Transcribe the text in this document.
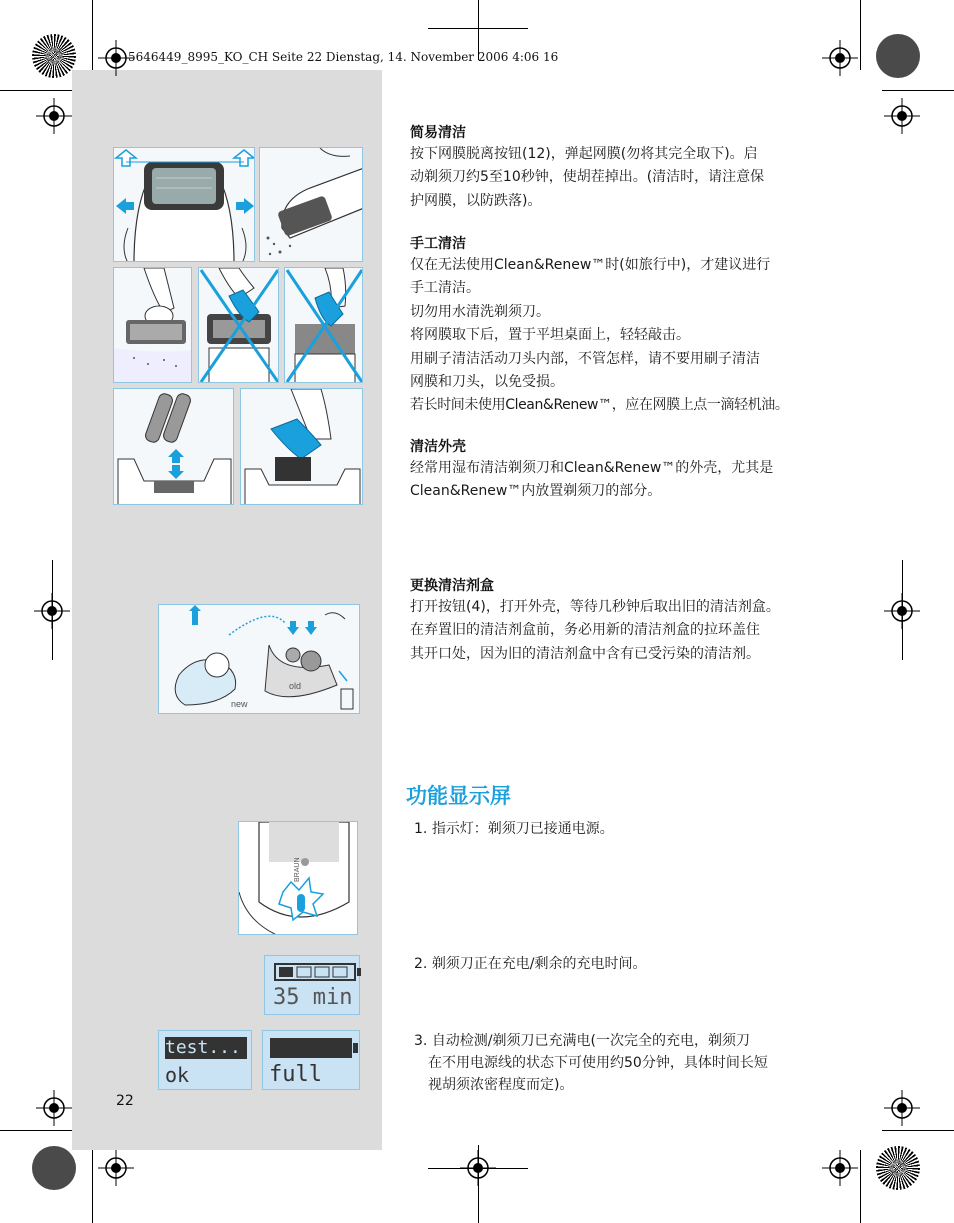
5646449_8995_KO_CH Seite 22 Dienstag, 14. November 2006 4:06 16
new
old
BRAUN
35 min
test...
ok	full
简易清洁

按下网膜脱离按钮(12)，弹起网膜(勿将其完全取下)。启

动剃须刀约5至10秒钟，使胡茬掉出。(清洁时，请注意保

护网膜，以防跌落)。

手工清洁

仅在无法使用Clean&Renew™时(如旅行中)，才建议进行

手工清洁。

切勿用水清洗剃须刀。

将网膜取下后，置于平坦桌面上，轻轻敲击。

用刷子清洁活动刀头内部，不管怎样，请不要用刷子清洁

网膜和刀头，以免受损。

若长时间未使用Clean&Renew™，应在网膜上点一滴轻机油。

清洁外壳

经常用湿布清洁剃须刀和Clean&Renew™的外壳，尤其是

Clean&Renew™内放置剃须刀的部分。

更换清洁剂盒

打开按钮(4)，打开外壳，等待几秒钟后取出旧的清洁剂盒。

在弃置旧的清洁剂盒前，务必用新的清洁剂盒的拉环盖住

其开口处，因为旧的清洁剂盒中含有已受污染的清洁剂。

功能显示屏

1. 指示灯：剃须刀已接通电源。

2. 剃须刀正在充电/剩余的充电时间。

3. 自动检测/剃须刀已充满电(一次完全的充电，剃须刀

在不用电源线的状态下可使用约50分钟，具体时间长短

视胡须浓密程度而定)。

22
